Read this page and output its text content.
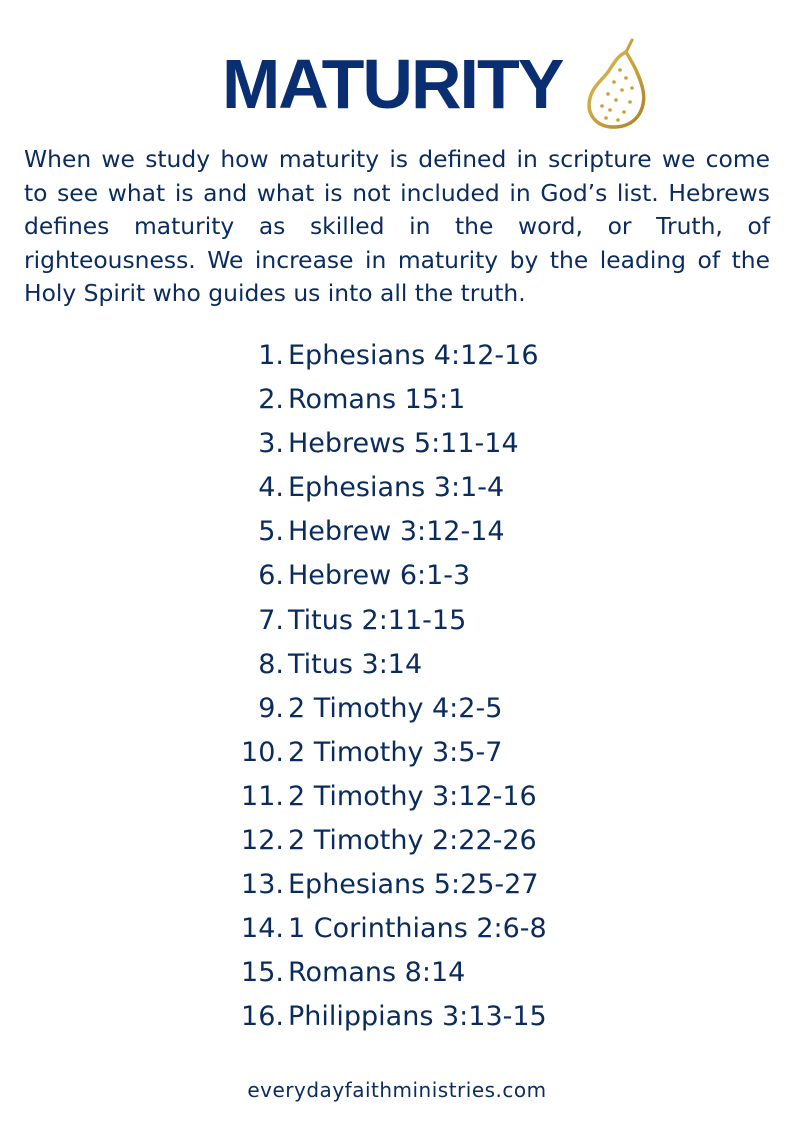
MATURITY
When we study how maturity is defined in scripture we come to see what is and what is not included in God’s list. Hebrews defines maturity as skilled in the word, or Truth, of righteousness. We increase in maturity by the leading of the Holy Spirit who guides us into all the truth.
1. Ephesians 4:12-16
2. Romans 15:1
3. Hebrews 5:11-14
4. Ephesians 3:1-4
5. Hebrew 3:12-14
6. Hebrew 6:1-3
7. Titus 2:11-15
8. Titus 3:14
9. 2 Timothy 4:2-5
10. 2 Timothy 3:5-7
11. 2 Timothy 3:12-16
12. 2 Timothy 2:22-26
13. Ephesians 5:25-27
14. 1 Corinthians 2:6-8
15. Romans 8:14
16. Philippians 3:13-15
everydayfaithministries.com
